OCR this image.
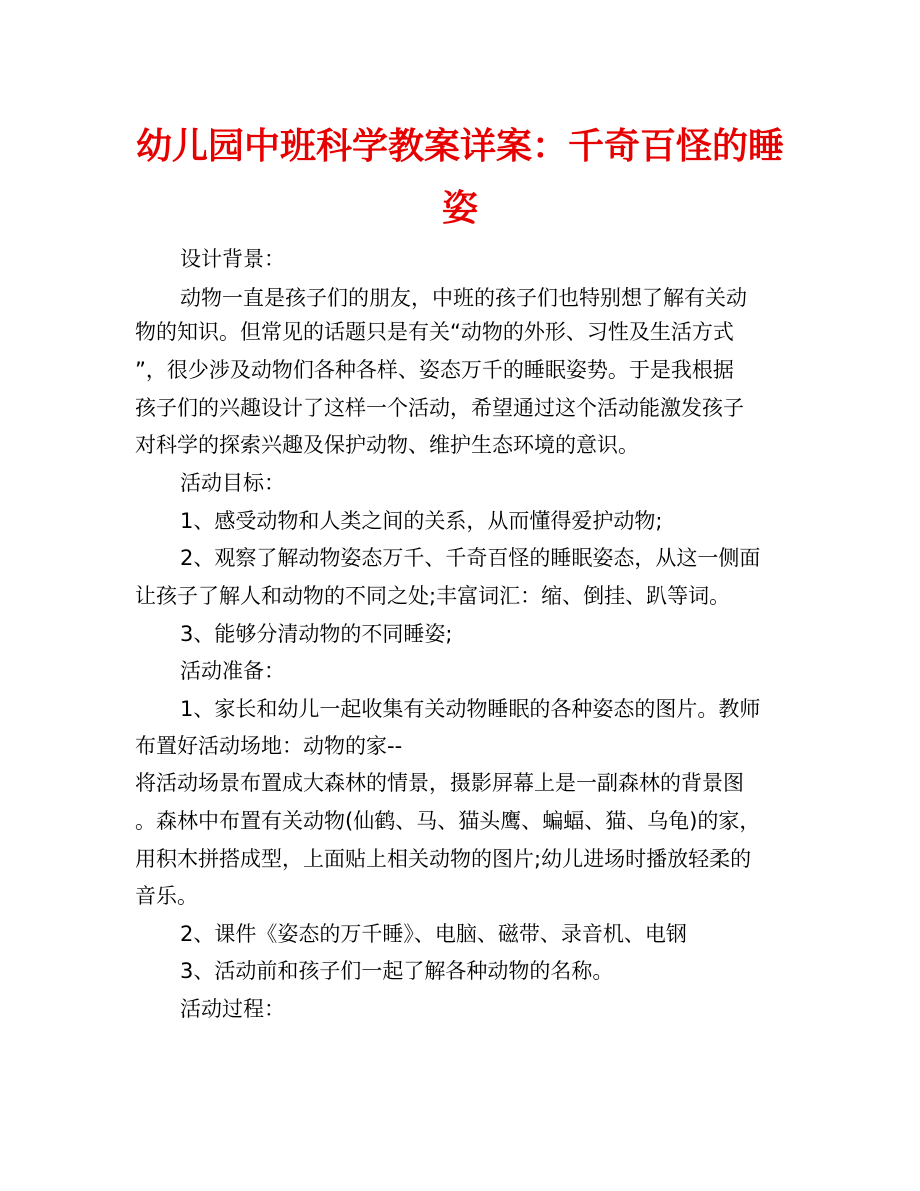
幼儿园中班科学教案详案：千奇百怪的睡
姿
设计背景：
动物一直是孩子们的朋友，中班的孩子们也特别想了解有关动
物的知识。但常见的话题只是有关“动物的外形、习性及生活方式
”，很少涉及动物们各种各样、姿态万千的睡眠姿势。于是我根据
孩子们的兴趣设计了这样一个活动，希望通过这个活动能激发孩子
对科学的探索兴趣及保护动物、维护生态环境的意识。
活动目标：
1、感受动物和人类之间的关系，从而懂得爱护动物;
2、观察了解动物姿态万千、千奇百怪的睡眠姿态，从这一侧面
让孩子了解人和动物的不同之处;丰富词汇：缩、倒挂、趴等词。
3、能够分清动物的不同睡姿;
活动准备：
1、家长和幼儿一起收集有关动物睡眠的各种姿态的图片。教师
布置好活动场地：动物的家--
将活动场景布置成大森林的情景，摄影屏幕上是一副森林的背景图
。森林中布置有关动物(仙鹤、马、猫头鹰、蝙蝠、猫、乌龟)的家，
用积木拼搭成型，上面贴上相关动物的图片;幼儿进场时播放轻柔的
音乐。
2、课件《姿态的万千睡》、电脑、磁带、录音机、电钢
3、活动前和孩子们一起了解各种动物的名称。
活动过程：
